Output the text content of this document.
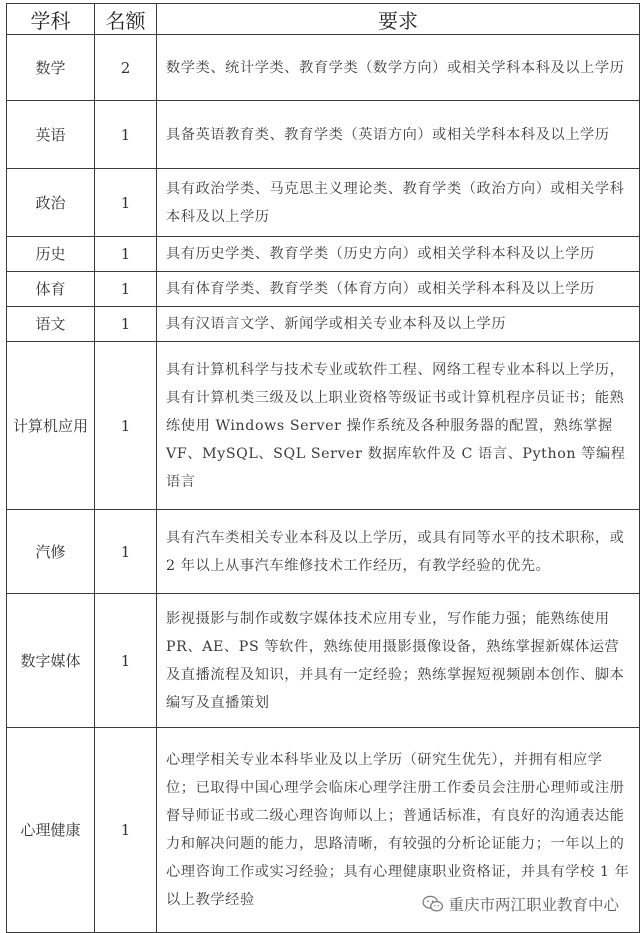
学科	名额	要求
数学	2	数学类、统计学类、教育学类（数学方向）或相关学科本科及以上学历
英语	1	具备英语教育类、教育学类（英语方向）或相关学科本科及以上学历
政治	1	具有政治学类、马克思主义理论类、教育学类（政治方向）或相关学科本科及以上学历
历史	1	具有历史学类、教育学类（历史方向）或相关学科本科及以上学历
体育	1	具有体育学类、教育学类（体育方向）或相关学科本科及以上学历
语文	1	具有汉语言文学、新闻学或相关专业本科及以上学历
计算机应用	1	具有计算机科学与技术专业或软件工程、网络工程专业本科以上学历，具有计算机类三级及以上职业资格等级证书或计算机程序员证书；能熟练使用 Windows Server 操作系统及各种服务器的配置，熟练掌握 VF、MySQL、SQL Server 数据库软件及 C 语言、Python 等编程语言
汽修	1	具有汽车类相关专业本科及以上学历，或具有同等水平的技术职称，或 2 年以上从事汽车维修技术工作经历，有教学经验的优先。
数字媒体	1	影视摄影与制作或数字媒体技术应用专业，写作能力强；能熟练使用 PR、AE、PS 等软件，熟练使用摄影摄像设备，熟练掌握新媒体运营及直播流程及知识，并具有一定经验；熟练掌握短视频剧本创作、脚本编写及直播策划
心理健康	1	心理学相关专业本科毕业及以上学历（研究生优先），并拥有相应学位；已取得中国心理学会临床心理学注册工作委员会注册心理师或注册督导师证书或二级心理咨询师以上；普通话标准，有良好的沟通表达能力和解决问题的能力，思路清晰，有较强的分析论证能力；一年以上的心理咨询工作或实习经验；具有心理健康职业资格证，并具有学校 1 年以上教学经验	重庆市两江职业教育中心
